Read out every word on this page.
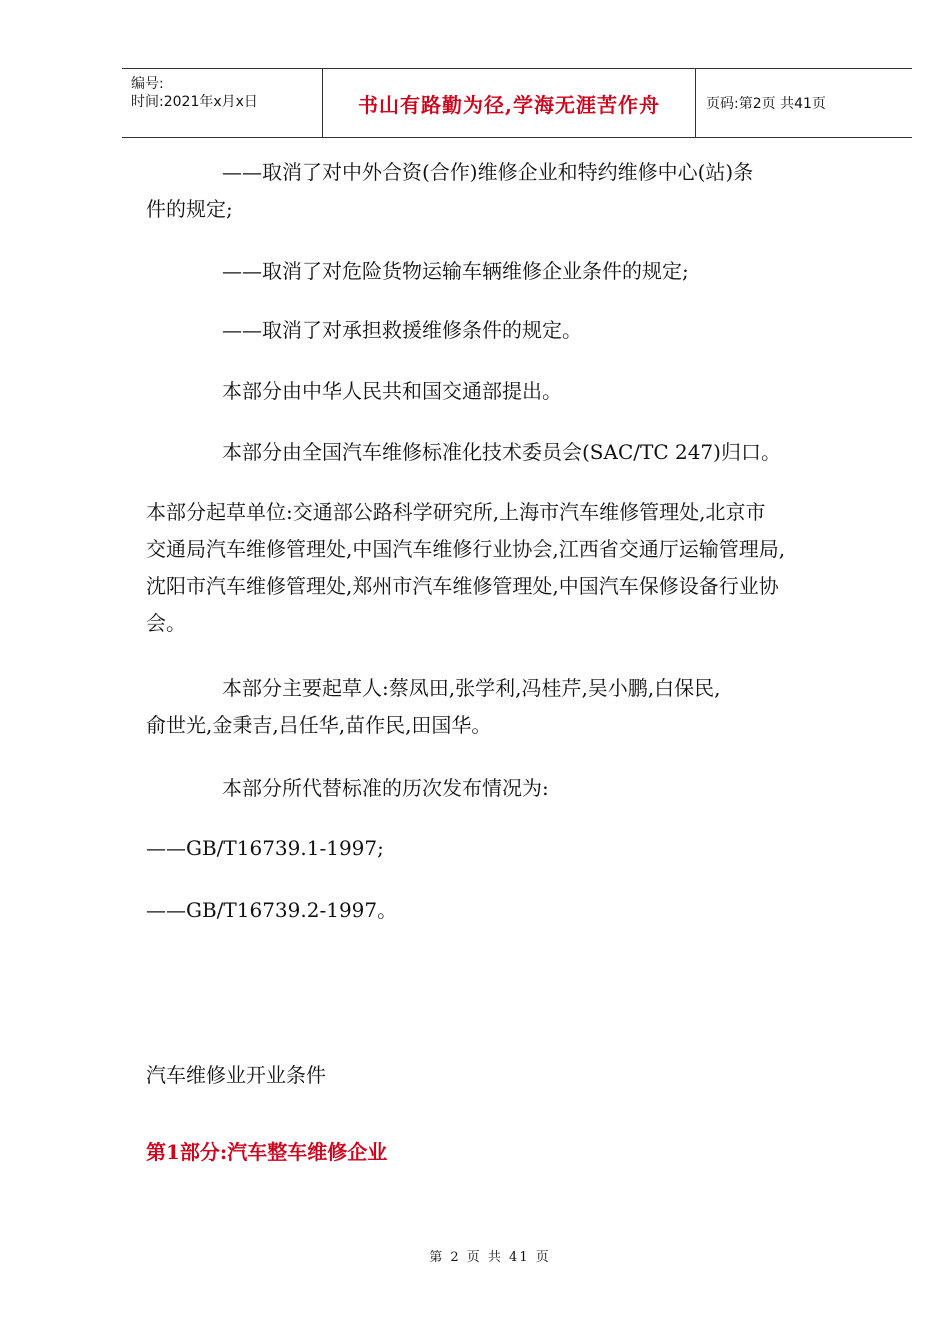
编号:
时间:2021年x月x日	书山有路勤为径,学海无涯苦作舟	页码:第2页 共41页
——取消了对中外合资(合作)维修企业和特约维修中心(站)条
件的规定;
——取消了对危险货物运输车辆维修企业条件的规定;
——取消了对承担救援维修条件的规定。
本部分由中华人民共和国交通部提出。
本部分由全国汽车维修标准化技术委员会(SAC/TC 247)归口。
本部分起草单位:交通部公路科学研究所,上海市汽车维修管理处,北京市
交通局汽车维修管理处,中国汽车维修行业协会,江西省交通厅运输管理局,
沈阳市汽车维修管理处,郑州市汽车维修管理处,中国汽车保修设备行业协
会。
本部分主要起草人:蔡凤田,张学利,冯桂芹,吴小鹏,白保民,
俞世光,金秉吉,吕任华,苗作民,田国华。
本部分所代替标准的历次发布情况为:
——GB/T16739.1-1997;
——GB/T16739.2-1997。
汽车维修业开业条件
第1部分:汽车整车维修企业
第 2 页 共 41 页
